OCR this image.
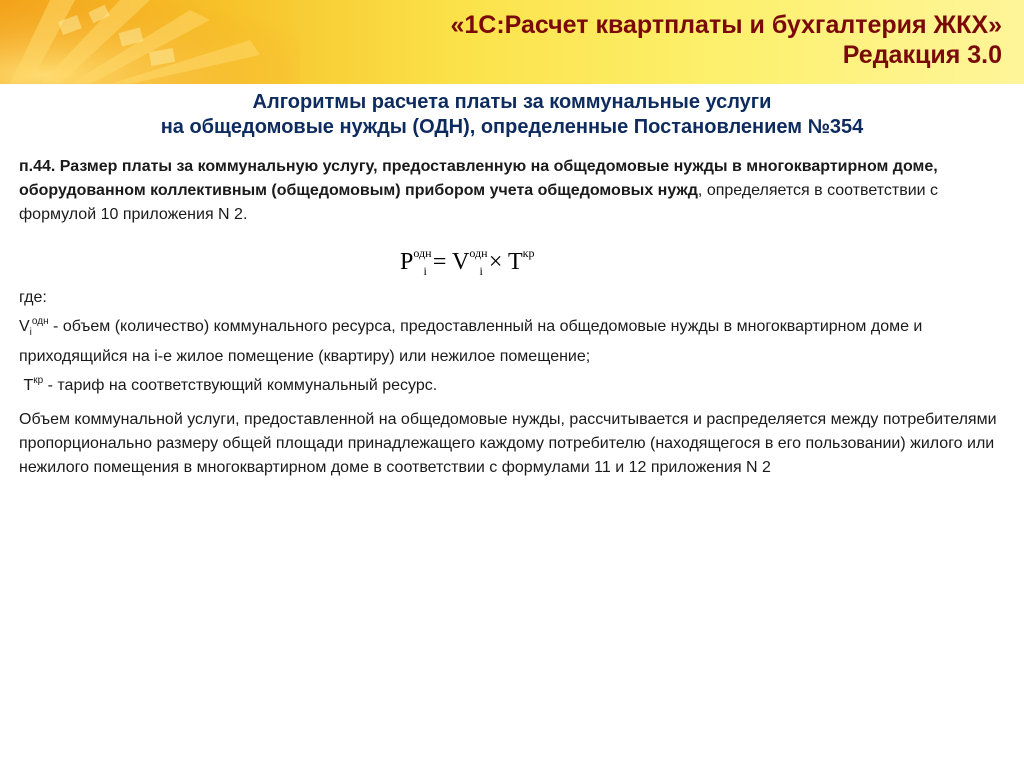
«1С:Расчет квартплаты и бухгалтерия ЖКХ»
Редакция 3.0
Алгоритмы расчета платы за коммунальные услуги
на общедомовые нужды (ОДН), определенные Постановлением №354

п.44. Размер платы за коммунальную услугу, предоставленную на общедомовые нужды в многоквартирном доме, оборудованном коллективным (общедомовым) прибором учета общедомовых нужд, определяется в соответствии с формулой 10 приложения N 2.

$P^{одн}_i = V^{одн}_i \times T^{кр}$

где:

$V_i^{одн}$ - объем (количество) коммунального ресурса, предоставленный на общедомовые нужды в многоквартирном доме и приходящийся на i-е жилое помещение (квартиру) или нежилое помещение;

$T^{кр}$ - тариф на соответствующий коммунальный ресурс.

Объем коммунальной услуги, предоставленной на общедомовые нужды, рассчитывается и распределяется между потребителями пропорционально размеру общей площади принадлежащего каждому потребителю (находящегося в его пользовании) жилого или нежилого помещения в многоквартирном доме в соответствии с формулами 11 и 12 приложения N 2
